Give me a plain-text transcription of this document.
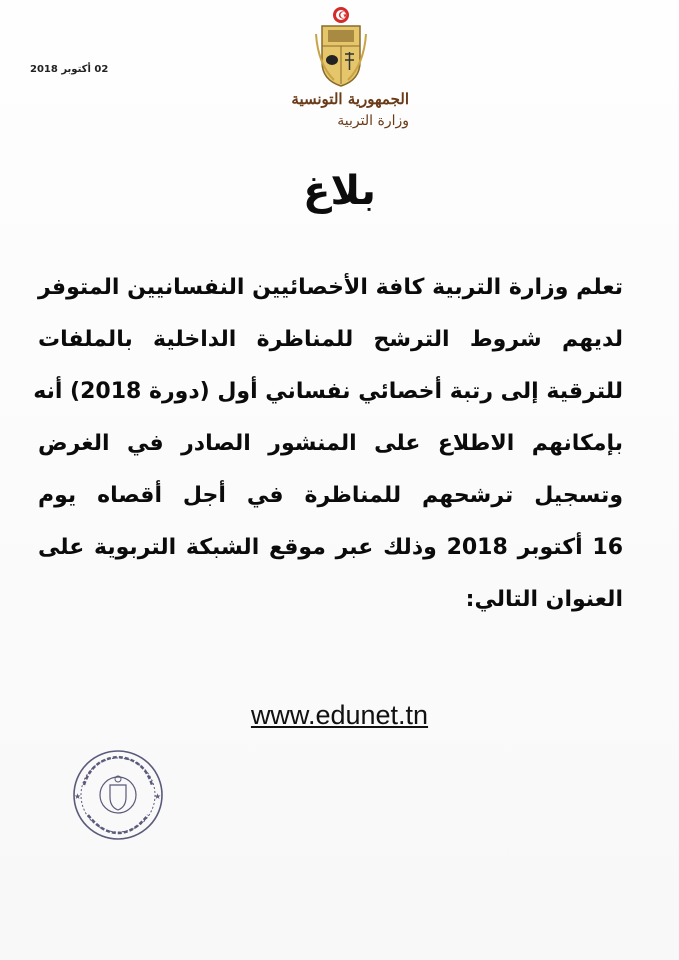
02 أكتوبر 2018
الجمهورية التونسية
وزارة التربية
بلاغ
تعلم وزارة التربية كافة الأخصائيين النفسانيين المتوفر
لديهم شروط الترشح للمناظرة الداخلية بالملفات
للترقية إلى رتبة أخصائي نفساني أول (دورة 2018) أنه
بإمكانهم الاطلاع على المنشور الصادر في الغرض
وتسجيل ترشحهم للمناظرة في أجل أقصاه يوم
16 أكتوبر 2018 وذلك عبر موقع الشبكة التربوية على
العنوان التالي:
www.edunet.tn
★	★
